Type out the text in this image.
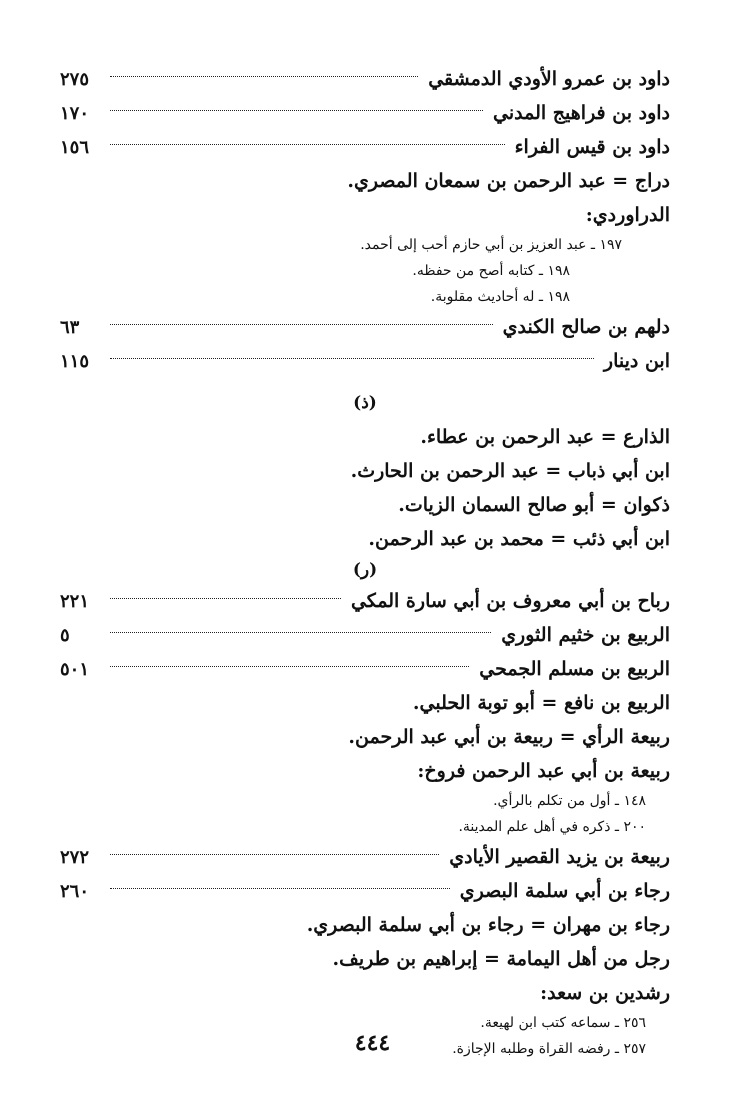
داود بن عمرو الأودي الدمشقي
٢٧٥
داود بن فراهيج المدني
١٧٠
داود بن قيس الفراء
١٥٦
دراج = عبد الرحمن بن سمعان المصري.
الدراوردي:
١٩٧ ـ عبد العزيز بن أبي حازم أحب إلى أحمد.
١٩٨ ـ كتابه أصح من حفظه.
١٩٨ ـ له أحاديث مقلوبة.
دلهم بن صالح الكندي
٦٣
ابن دينار
١١٥
(ذ)
الذارع = عبد الرحمن بن عطاء.
ابن أبي ذباب = عبد الرحمن بن الحارث.
ذكوان = أبو صالح السمان الزيات.
ابن أبي ذئب = محمد بن عبد الرحمن.
(ر)
رباح بن أبي معروف بن أبي سارة المكي
٢٢١
الربيع بن خثيم الثوري
٥
الربيع بن مسلم الجمحي
٥٠١
الربيع بن نافع = أبو توبة الحلبي.
ربيعة الرأي = ربيعة بن أبي عبد الرحمن.
ربيعة بن أبي عبد الرحمن فروخ:
١٤٨ ـ أول من تكلم بالرأي.
٢٠٠ ـ ذكره في أهل علم المدينة.
ربيعة بن يزيد القصير الأيادي
٢٧٢
رجاء بن أبي سلمة البصري
٢٦٠
رجاء بن مهران = رجاء بن أبي سلمة البصري.
رجل من أهل اليمامة = إبراهيم بن طريف.
رشدين بن سعد:
٢٥٦ ـ سماعه كتب ابن لهيعة.
٢٥٧ ـ رفضه القراة وطلبه الإجازة.
٤٤٤
